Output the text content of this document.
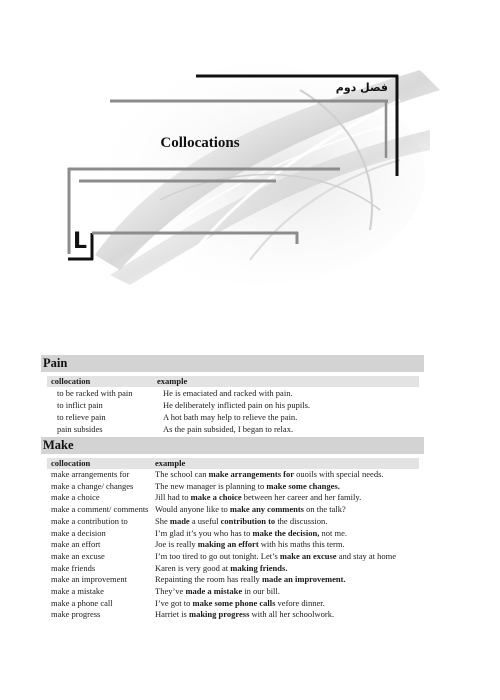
فصل دوم
Collocations
L
Pain
collocation	example
to be racked with pain	He is emaciated and racked with pain.
to inflict pain	He deliberately inflicted pain on his pupils.
to relieve pain	A hot bath may help to relieve the pain.
pain subsides	As the pain subsided, I began to relax.
Make
collocation	example
make arrangements for	The school can make arrangements for ouoils with special needs.
make a change/ changes	The new manager is planning to make some changes.
make a choice	Jill had to make a choice between her career and her family.
make a comment/ comments	Would anyone like to make any comments on the talk?
make a contribution to	She made a useful contribution to the discussion.
make a decision	I’m glad it’s you who has to make the decision, not me.
make an effort	Joe is really making an effort with his maths this term.
make an excuse	I’m too tired to go out tonight. Let’s make an excuse and stay at home
make friends	Karen is very good at making friends.
make an improvement	Repainting the room has really made an improvement.
make a mistake	They’ve made a mistake in our bill.
make a phone call	I’ve got to make some phone calls vefore dinner.
make progress	Harriet is making progress with all her schoolwork.
